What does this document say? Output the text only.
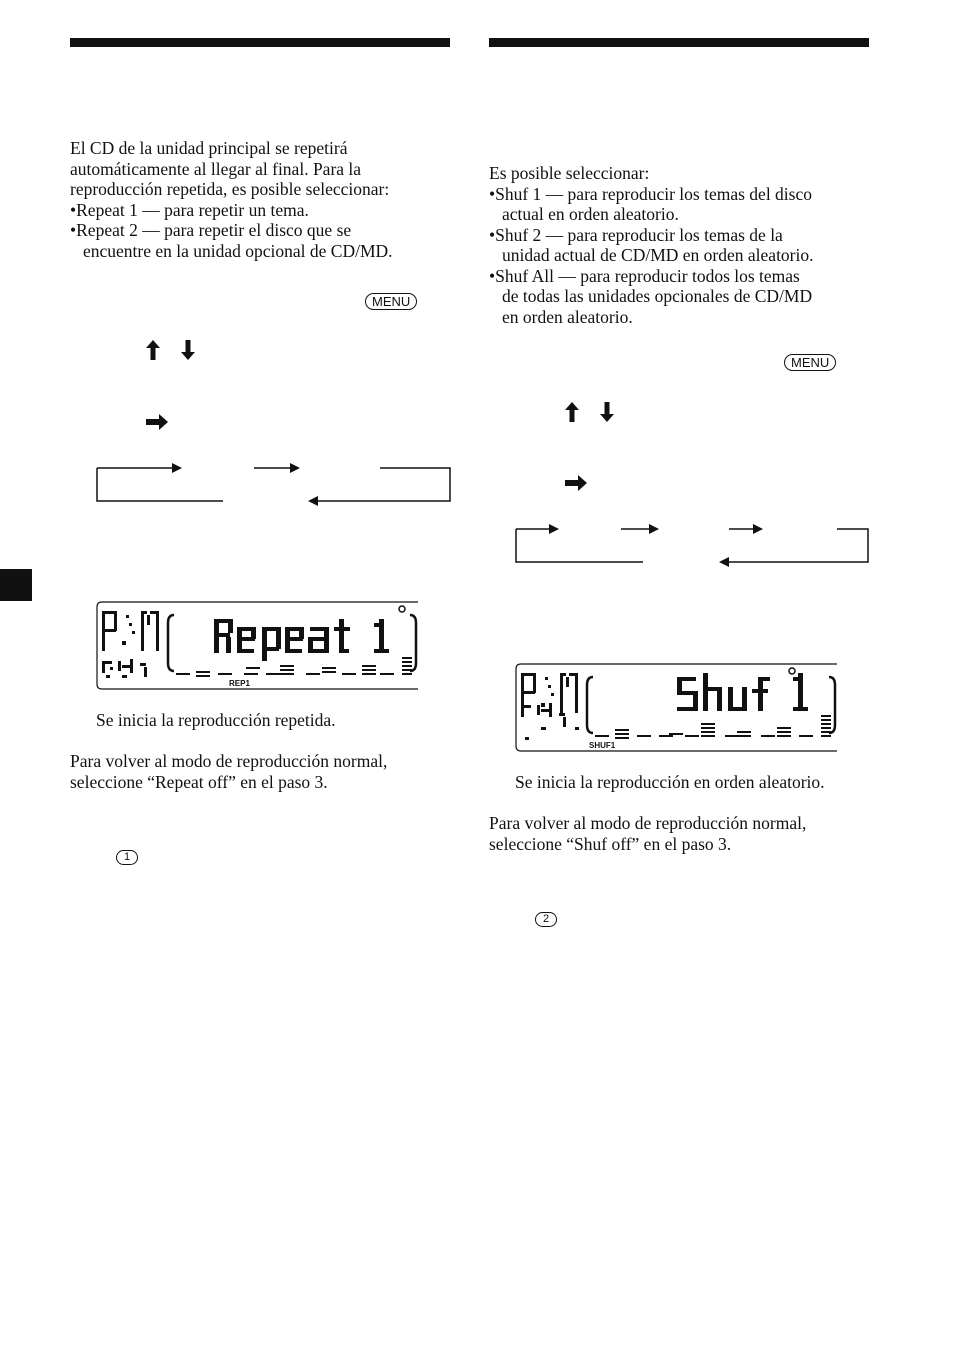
El CD de la unidad principal se repetirá
automáticamente al llegar al final. Para la
reproducción repetida, es posible seleccionar:
•Repeat 1 — para repetir un tema.
•Repeat 2 — para repetir el disco que se
encuentre en la unidad opcional de CD/MD.
MENU
REP1
Se inicia la reproducción repetida.
Para volver al modo de reproducción normal,
seleccione “Repeat off” en el paso 3.
1
Es posible seleccionar:
•Shuf 1 — para reproducir los temas del disco
actual en orden aleatorio.
•Shuf 2 — para reproducir los temas de la
unidad actual de CD/MD en orden aleatorio.
•Shuf All — para reproducir todos los temas
de todas las unidades opcionales de CD/MD
en orden aleatorio.
MENU
SHUF1
Se inicia la reproducción en orden aleatorio.
Para volver al modo de reproducción normal,
seleccione “Shuf off” en el paso 3.
2
